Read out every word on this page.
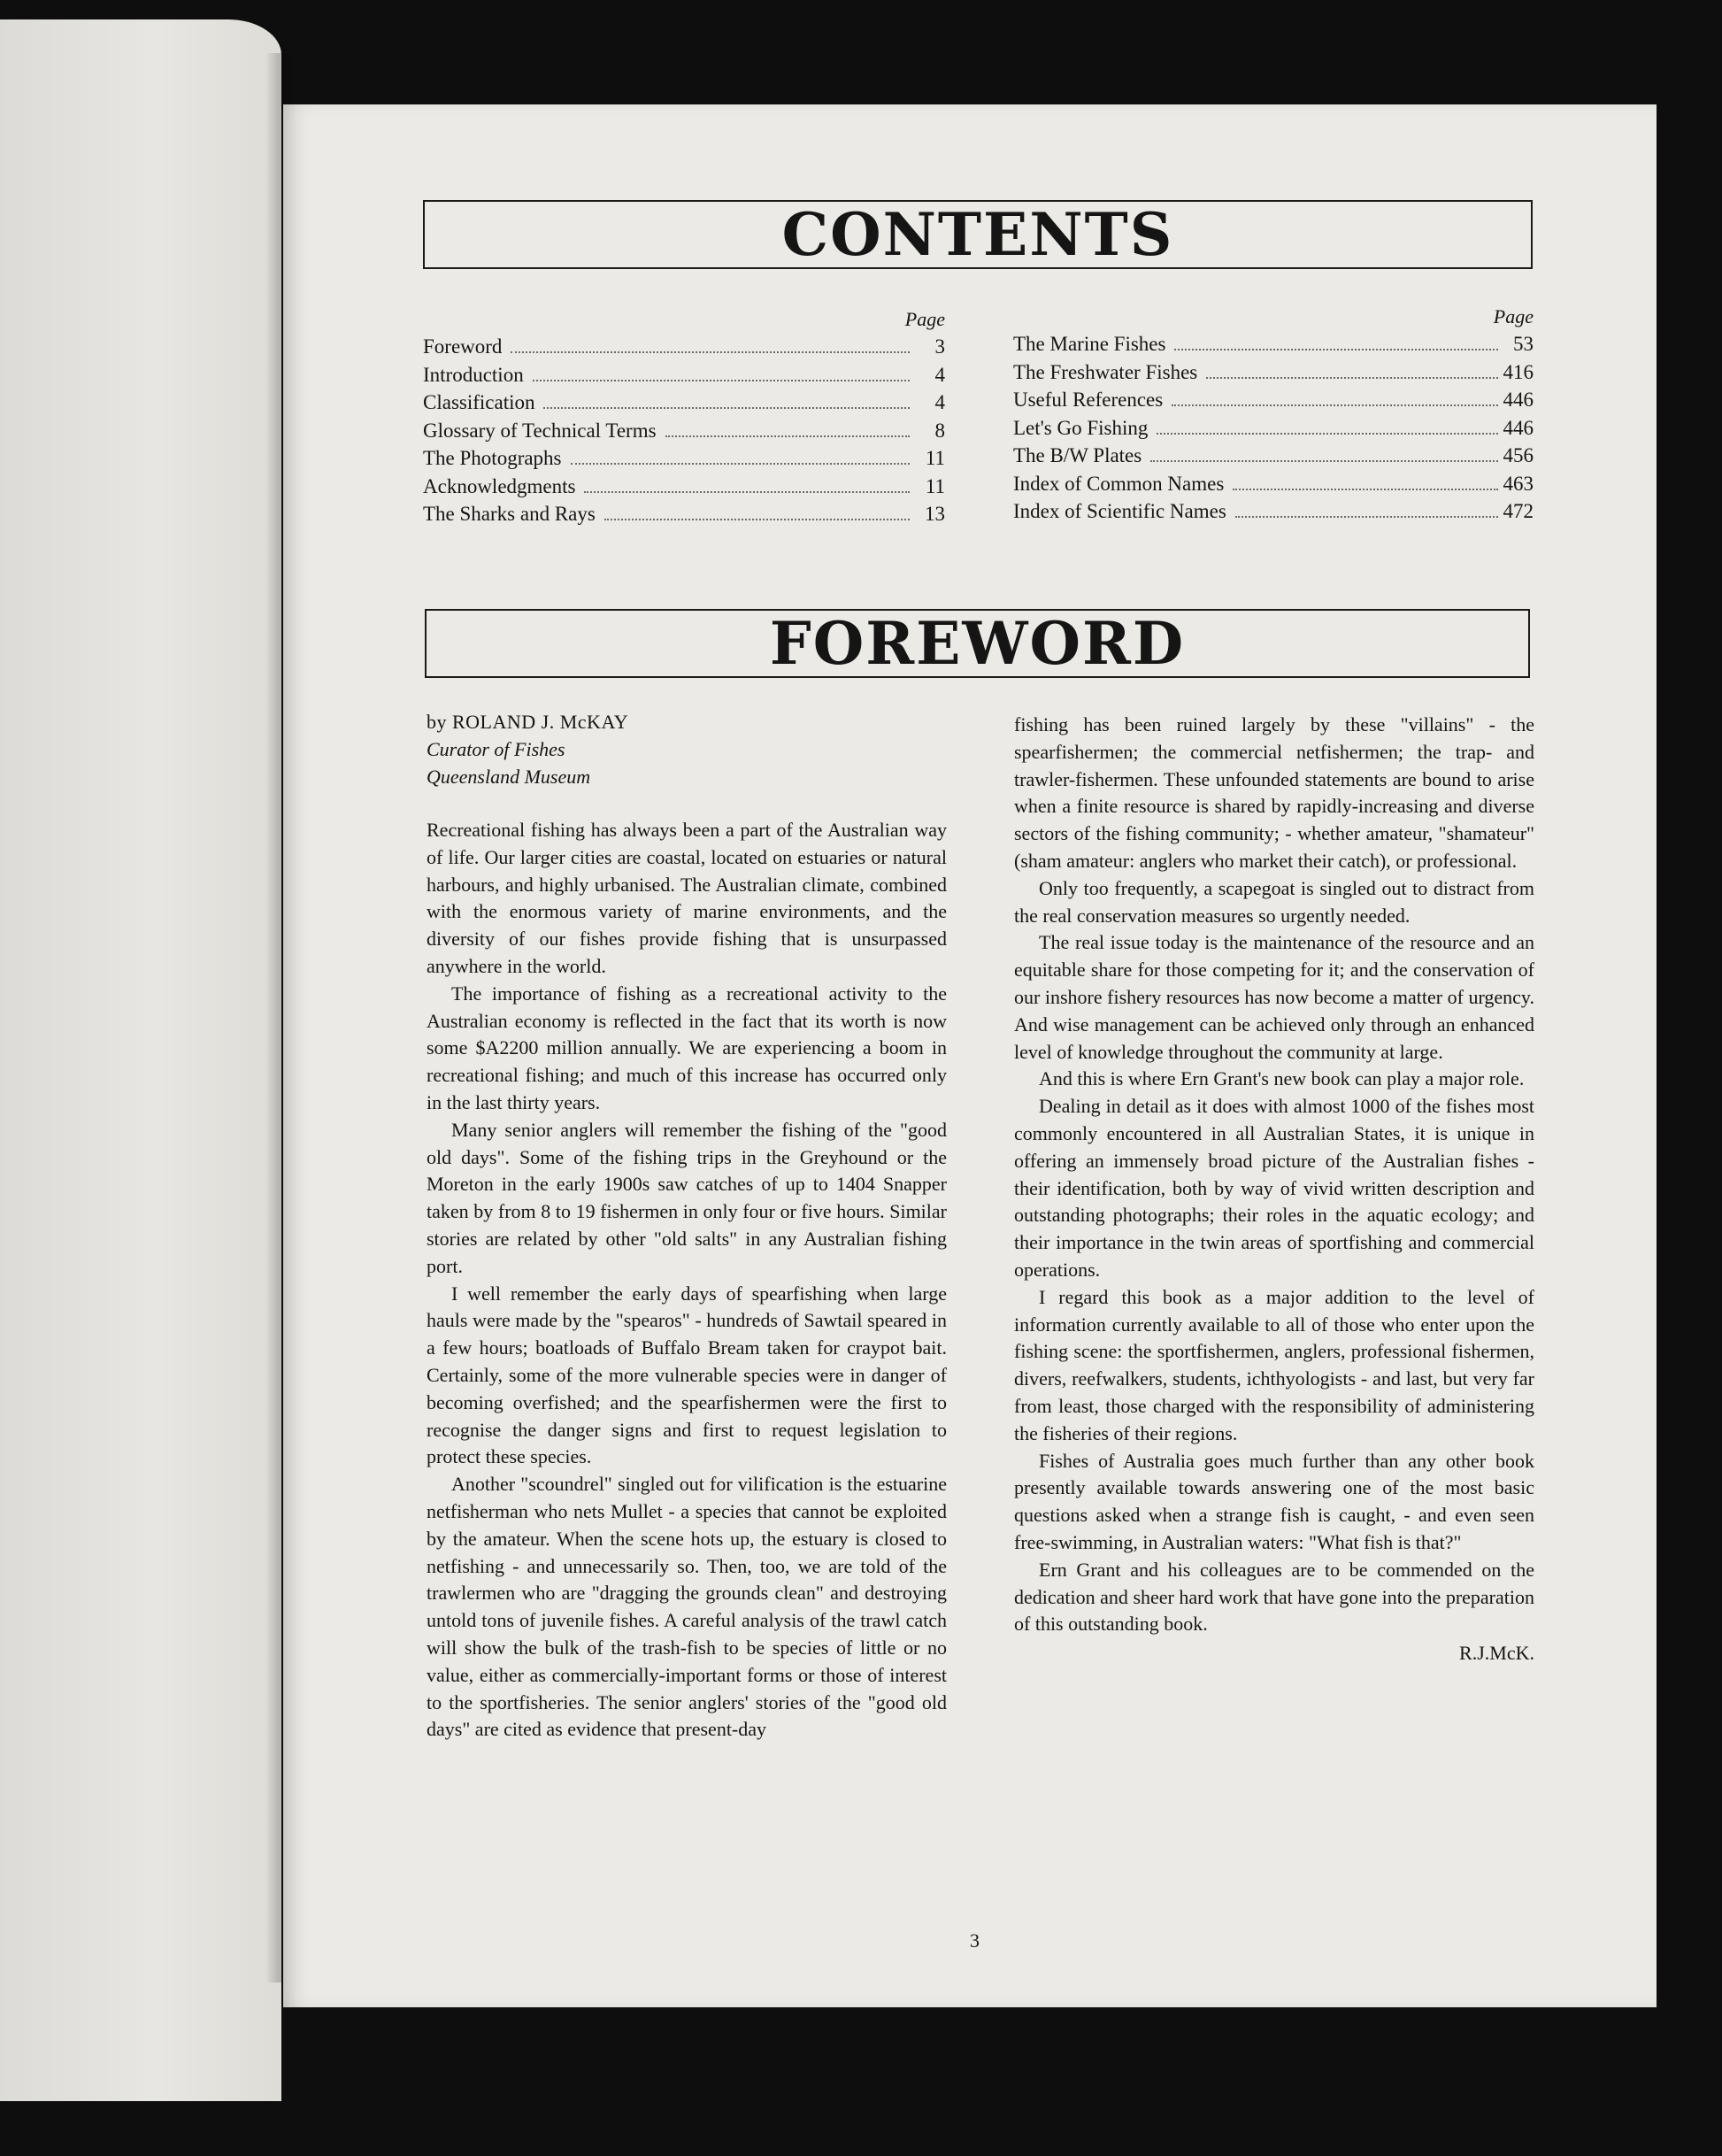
CONTENTS
Page
Foreword	3
Introduction	4
Classification	4
Glossary of Technical Terms	8
The Photographs	11
Acknowledgments	11
The Sharks and Rays	13
Page
The Marine Fishes	53
The Freshwater Fishes	416
Useful References	446
Let's Go Fishing	446
The B/W Plates	456
Index of Common Names	463
Index of Scientific Names	472
FOREWORD
by ROLAND J. McKAY
Curator of Fishes
Queensland Museum

Recreational fishing has always been a part of the Australian way of life. Our larger cities are coastal, located on estuaries or natural harbours, and highly urbanised. The Australian climate, combined with the enormous variety of marine environments, and the diversity of our fishes provide fishing that is unsurpassed anywhere in the world.

The importance of fishing as a recreational activity to the Australian economy is reflected in the fact that its worth is now some $A2200 million annually. We are experiencing a boom in recreational fishing; and much of this increase has occurred only in the last thirty years.

Many senior anglers will remember the fishing of the "good old days". Some of the fishing trips in the Greyhound or the Moreton in the early 1900s saw catches of up to 1404 Snapper taken by from 8 to 19 fishermen in only four or five hours. Similar stories are related by other "old salts" in any Australian fishing port.

I well remember the early days of spearfishing when large hauls were made by the "spearos" - hundreds of Sawtail speared in a few hours; boatloads of Buffalo Bream taken for craypot bait. Certainly, some of the more vulnerable species were in danger of becoming overfished; and the spearfishermen were the first to recognise the danger signs and first to request legislation to protect these species.

Another "scoundrel" singled out for vilification is the estuarine netfisherman who nets Mullet - a species that cannot be exploited by the amateur. When the scene hots up, the estuary is closed to netfishing - and unnecessarily so. Then, too, we are told of the trawlermen who are "dragging the grounds clean" and destroying untold tons of juvenile fishes. A careful analysis of the trawl catch will show the bulk of the trash-fish to be species of little or no value, either as commercially-important forms or those of interest to the sportfisheries. The senior anglers' stories of the "good old days" are cited as evidence that present-day

fishing has been ruined largely by these "villains" - the spearfishermen; the commercial netfishermen; the trap- and trawler-fishermen. These unfounded statements are bound to arise when a finite resource is shared by rapidly-increasing and diverse sectors of the fishing community; - whether amateur, "shamateur" (sham amateur: anglers who market their catch), or professional.

Only too frequently, a scapegoat is singled out to distract from the real conservation measures so urgently needed.

The real issue today is the maintenance of the resource and an equitable share for those competing for it; and the conservation of our inshore fishery resources has now become a matter of urgency. And wise management can be achieved only through an enhanced level of knowledge throughout the community at large.

And this is where Ern Grant's new book can play a major role.

Dealing in detail as it does with almost 1000 of the fishes most commonly encountered in all Australian States, it is unique in offering an immensely broad picture of the Australian fishes - their identification, both by way of vivid written description and outstanding photographs; their roles in the aquatic ecology; and their importance in the twin areas of sportfishing and commercial operations.

I regard this book as a major addition to the level of information currently available to all of those who enter upon the fishing scene: the sportfishermen, anglers, professional fishermen, divers, reefwalkers, students, ichthyologists - and last, but very far from least, those charged with the responsibility of administering the fisheries of their regions.

Fishes of Australia goes much further than any other book presently available towards answering one of the most basic questions asked when a strange fish is caught, - and even seen free-swimming, in Australian waters: "What fish is that?"

Ern Grant and his colleagues are to be commended on the dedication and sheer hard work that have gone into the preparation of this outstanding book.

R.J.McK.
3
